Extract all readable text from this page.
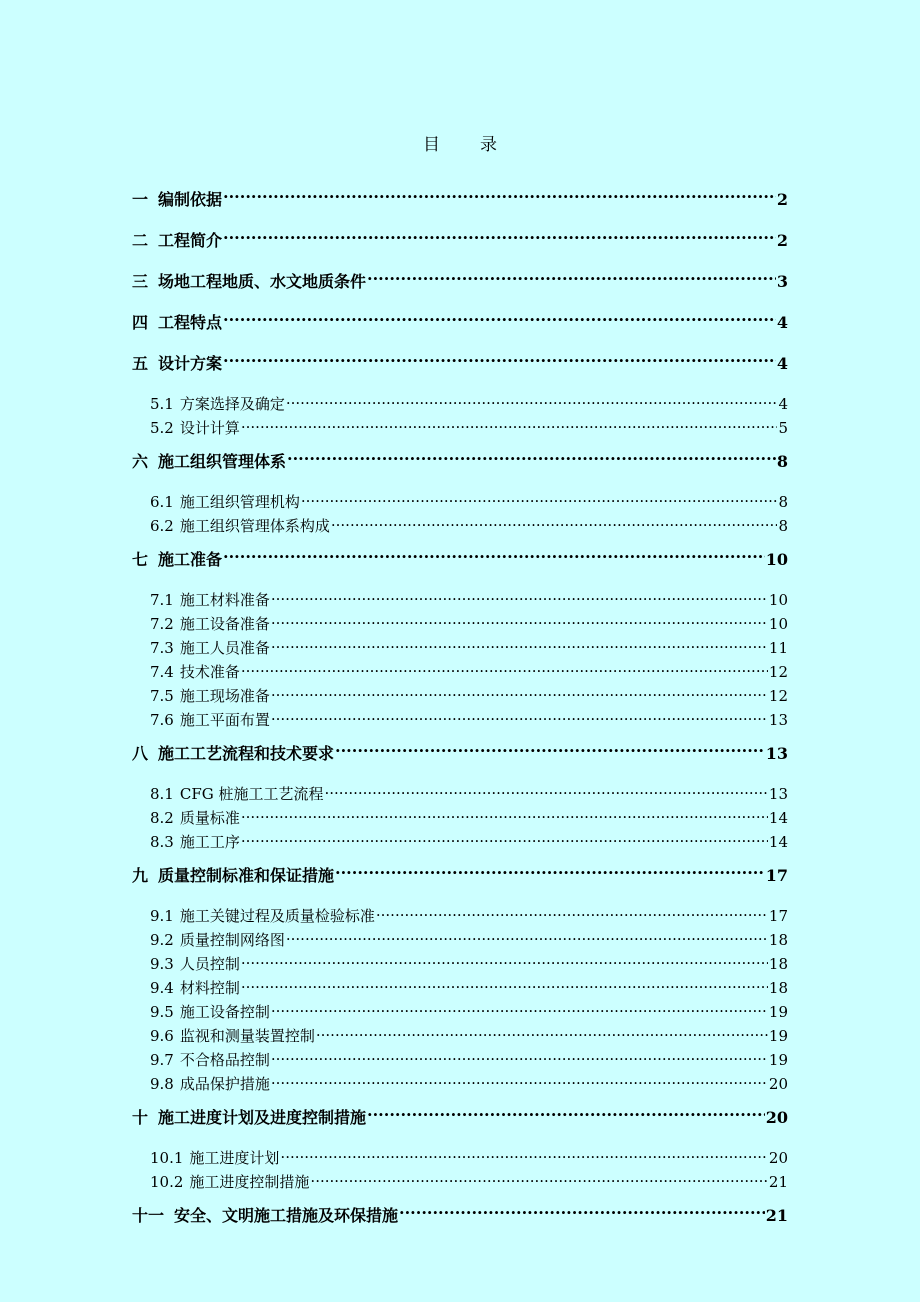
目 录
一 编制依据 .....	2
二 工程简介 .....	2
三 场地工程地质、水文地质条件 .....	3
四 工程特点 .....	4
五 设计方案 .....	4
5.1 方案选择及确定 .....	4
5.2 设计计算 .....	5
六 施工组织管理体系 .....	8
6.1 施工组织管理机构 .....	8
6.2 施工组织管理体系构成 .....	8
七 施工准备 .....	10
7.1 施工材料准备 .....	10
7.2 施工设备准备 .....	10
7.3 施工人员准备 .....	11
7.4 技术准备 .....	12
7.5 施工现场准备 .....	12
7.6 施工平面布置 .....	13
八 施工工艺流程和技术要求 .....	13
8.1 CFG 桩施工工艺流程 .....	13
8.2 质量标准 .....	14
8.3 施工工序 .....	14
九 质量控制标准和保证措施 .....	17
9.1 施工关键过程及质量检验标准 .....	17
9.2 质量控制网络图 .....	18
9.3 人员控制 .....	18
9.4 材料控制 .....	18
9.5 施工设备控制 .....	19
9.6 监视和测量装置控制 .....	19
9.7 不合格品控制 .....	19
9.8 成品保护措施 .....	20
十 施工进度计划及进度控制措施 .....	20
10.1 施工进度计划 .....	20
10.2 施工进度控制措施 .....	21
十一 安全、文明施工措施及环保措施 .....	21
